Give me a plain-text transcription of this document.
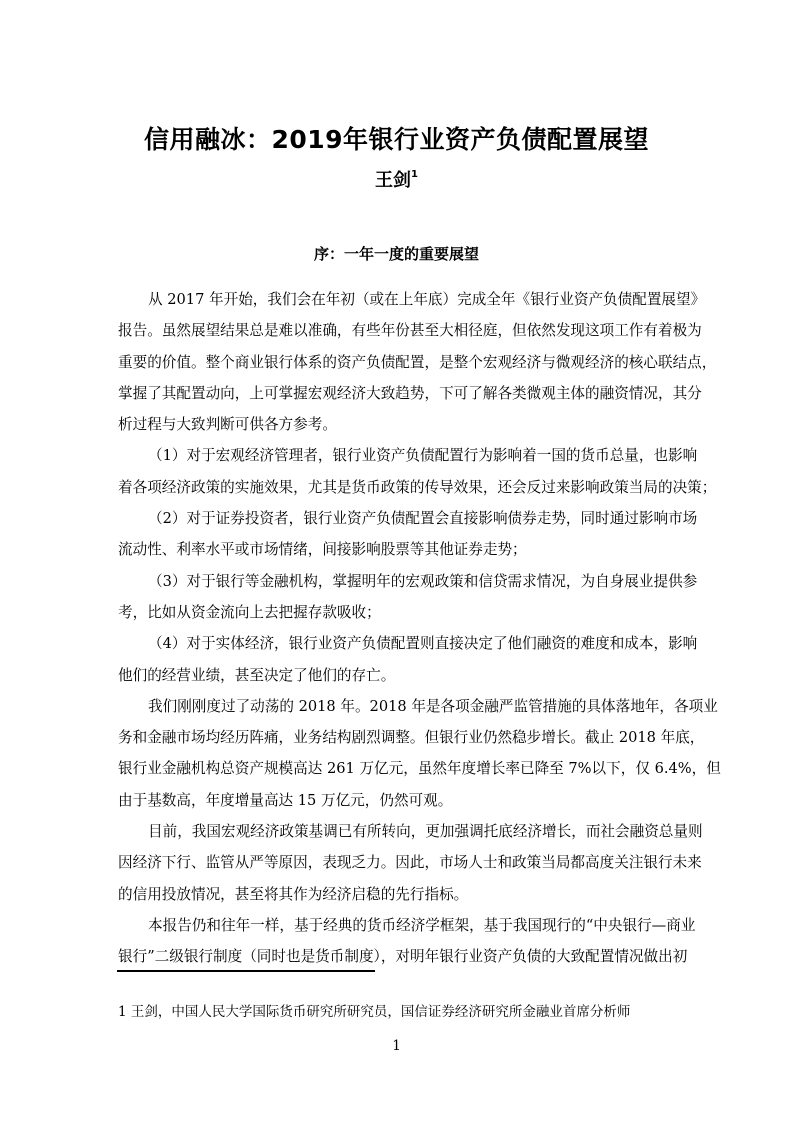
信用融冰：2019年银行业资产负债配置展望
王剑$^1$
序：一年一度的重要展望
从 2017 年开始，我们会在年初（或在上年底）完成全年《银行业资产负债配置展望》
报告。虽然展望结果总是难以准确，有些年份甚至大相径庭，但依然发现这项工作有着极为
重要的价值。整个商业银行体系的资产负债配置，是整个宏观经济与微观经济的核心联结点，
掌握了其配置动向，上可掌握宏观经济大致趋势，下可了解各类微观主体的融资情况，其分
析过程与大致判断可供各方参考。
（1）对于宏观经济管理者，银行业资产负债配置行为影响着一国的货币总量，也影响
着各项经济政策的实施效果，尤其是货币政策的传导效果，还会反过来影响政策当局的决策；
（2）对于证券投资者，银行业资产负债配置会直接影响债券走势，同时通过影响市场
流动性、利率水平或市场情绪，间接影响股票等其他证券走势；
（3）对于银行等金融机构，掌握明年的宏观政策和信贷需求情况，为自身展业提供参
考，比如从资金流向上去把握存款吸收；
（4）对于实体经济，银行业资产负债配置则直接决定了他们融资的难度和成本，影响
他们的经营业绩，甚至决定了他们的存亡。
我们刚刚度过了动荡的 2018 年。2018 年是各项金融严监管措施的具体落地年，各项业
务和金融市场均经历阵痛，业务结构剧烈调整。但银行业仍然稳步增长。截止 2018 年底，
银行业金融机构总资产规模高达 261 万亿元，虽然年度增长率已降至 7%以下，仅 6.4%，但
由于基数高，年度增量高达 15 万亿元，仍然可观。
目前，我国宏观经济政策基调已有所转向，更加强调托底经济增长，而社会融资总量则
因经济下行、监管从严等原因，表现乏力。因此，市场人士和政策当局都高度关注银行未来
的信用投放情况，甚至将其作为经济启稳的先行指标。
本报告仍和往年一样，基于经典的货币经济学框架，基于我国现行的“中央银行—商业
银行”二级银行制度（同时也是货币制度），对明年银行业资产负债的大致配置情况做出初
1 王剑，中国人民大学国际货币研究所研究员，国信证券经济研究所金融业首席分析师
1
